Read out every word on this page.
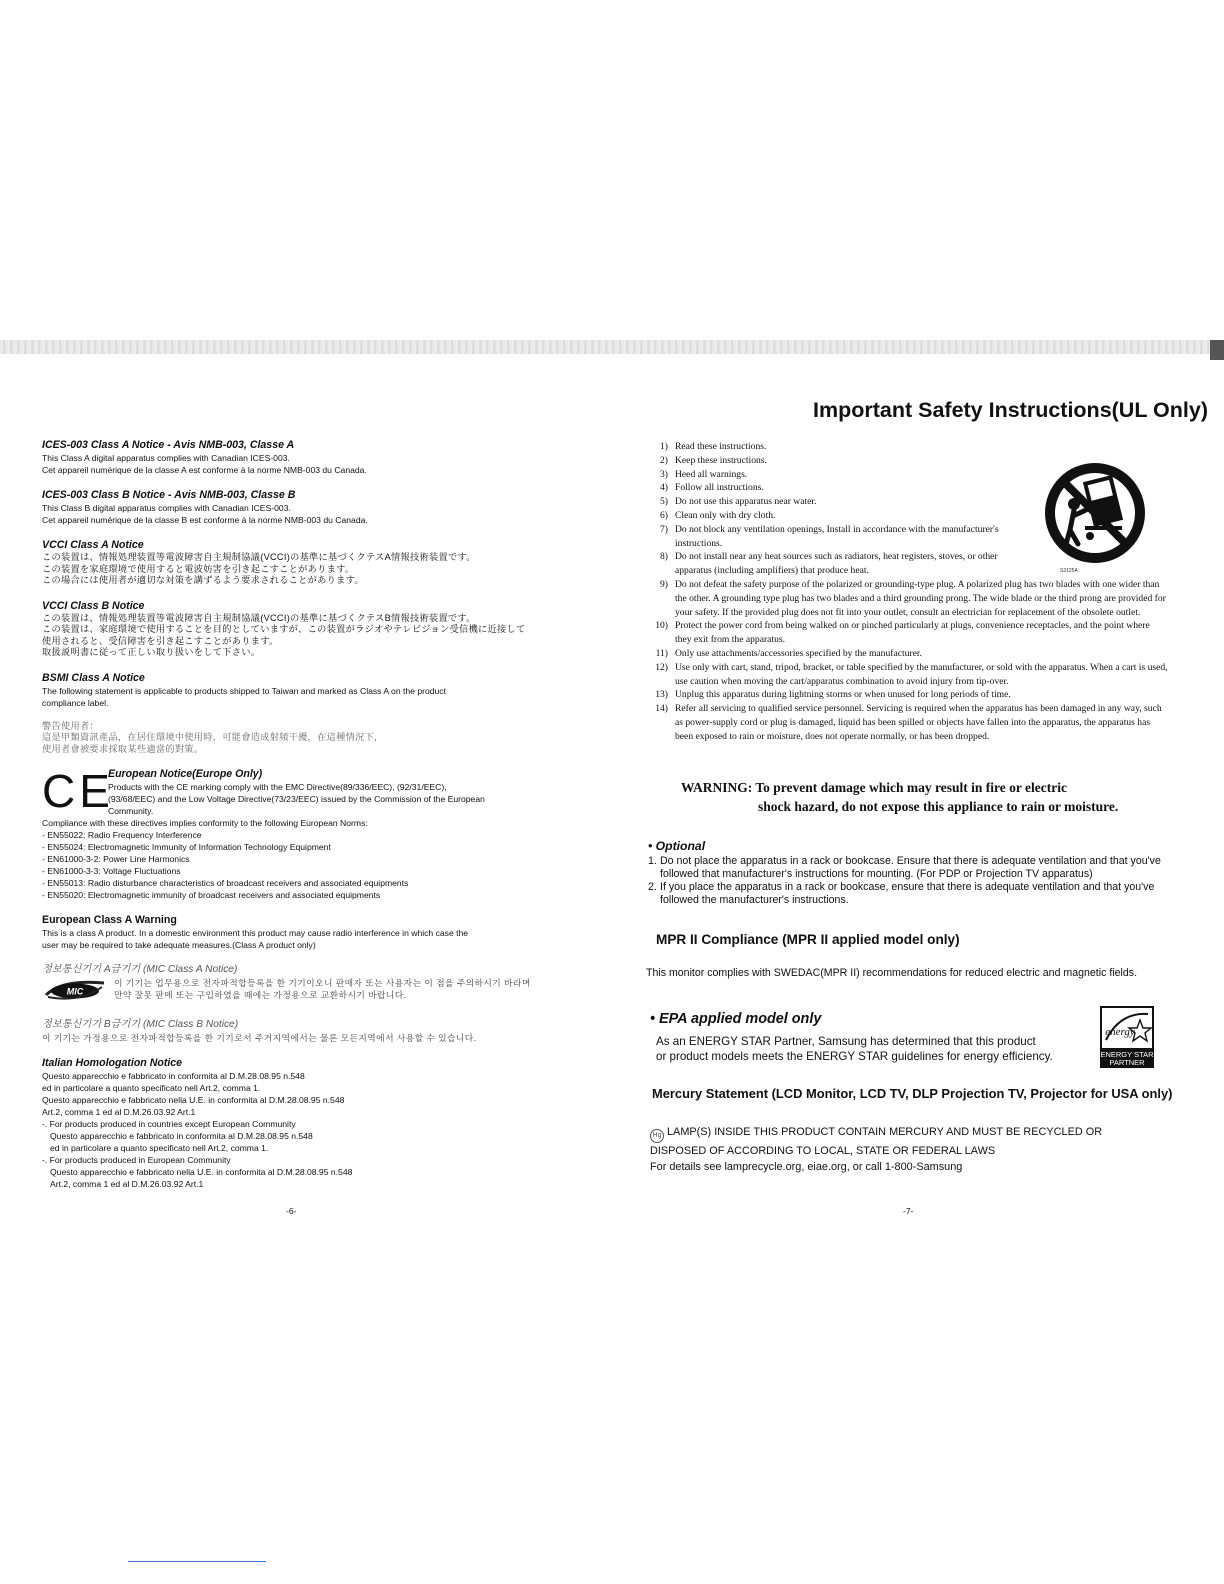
ICES-003 Class A Notice - Avis NMB-003, Classe A

This Class A digital apparatus complies with Canadian ICES-003.

Cet appareil numérique de la classe A est conforme à la norme NMB-003 du Canada.

ICES-003 Class B Notice - Avis NMB-003, Classe B

This Class B digital apparatus complies with Canadian ICES-003.

Cet appareil numérique de la classe B est conforme à la norme NMB-003 du Canada.

VCCI Class A Notice

この装置は、情報処理装置等電波障害自主規制協議(VCCI)の基準に基づくクテスA情報技術装置です。

この装置を家庭環境で使用すると電波妨害を引き起こすことがあります。

この場合には使用者が適切な対策を講ずるよう要求されることがあります。

VCCI Class B Notice

この装置は、情報処理装置等電波障害自主規制協議(VCCI)の基準に基づくクテスB情報技術装置です。

この装置は、家庭環境で使用することを目的としていますが、この装置がラジオやテレビジョン受信機に近接して

使用されると、受信障害を引き起こすことがあります。

取扱説明書に従って正しい取り扱いをして下さい。

BSMI Class A Notice

The following statement is applicable to products shipped to Taiwan and marked as Class A on the product

compliance label.

警告使用者：

這是甲類資訊產品，在居住環境中使用時，可能會造成射頻干擾，在這種情況下，

使用者會被要求採取某些適當的對策。

CE

European Notice(Europe Only)

Products with the CE marking comply with the EMC Directive(89/336/EEC), (92/31/EEC),

(93/68/EEC) and the Low Voltage Directive(73/23/EEC) issued by the Commission of the European

Community.

Compliance with these directives implies conformity to the following European Norms:

- EN55022: Radio Frequency Interference

- EN55024: Electromagnetic Immunity of Information Technology Equipment

- EN61000-3-2: Power Line Harmonics

- EN61000-3-3: Voltage Fluctuations

- EN55013: Radio disturbance characteristics of broadcast receivers and associated equipments

- EN55020: Electromagnetic immunity of broadcast receivers and associated equipments

European Class A Warning

This is a class A product. In a domestic environment this product may cause radio interference in which case the

user may be required to take adequate measures.(Class A product only)

정보통신기기 A급기기 (MIC Class A Notice)

MIC

이 기기는 업무용으로 전자파적합등록을 한 기기이오니 판매자 또는 사용자는 이 점을 주의하시기 바라며

만약 잘못 판매 또는 구입하였을 때에는 가정용으로 교환하시기 바랍니다.

정보통신기기 B급기기 (MIC Class B Notice)

이 기기는 가정용으로 전자파적합등록을 한 기기로서 주거지역에서는 물론 모든지역에서 사용할 수 있습니다.

Italian Homologation Notice

Questo apparecchio e fabbricato in conformita al D.M.28.08.95 n.548

ed in particolare a quanto specificato nell Art.2, comma 1.

Questo apparecchio e fabbricato nella U.E. in conformita al D.M.28.08.95 n.548

Art.2, comma 1 ed al D.M.26.03.92 Art.1

-. For products produced in countries except European Community

Questo apparecchio e fabbricato in conformita al D.M.28.08.95 n.548

ed in particolare a quanto specificato nell Art.2, comma 1.

-. For products produced in European Community

Questo apparecchio e fabbricato nella U.E. in conformita al D.M.28.08.95 n.548

Art.2, comma 1 ed al D.M.26.03.92 Art.1

-6-
Important Safety Instructions(UL Only)
1) Read these instructions.
2) Keep these instructions.
3) Heed all warnings.
4) Follow all instructions.
5) Do not use this apparatus near water.
6) Clean only with dry cloth.
7) Do not block any ventilation openings, Install in accordance with the manufacturer's instructions.
8) Do not install near any heat sources such as radiators, heat registers, stoves, or other apparatus (including amplifiers) that produce heat.
9) Do not defeat the safety purpose of the polarized or grounding-type plug. A polarized plug has two blades with one wider than the other. A grounding type plug has two blades and a third grounding prong. The wide blade or the third prong are provided for your safety. If the provided plug does not fit into your outlet, consult an electrician for replacement of the obsolete outlet.
10) Protect the power cord from being walked on or pinched particularly at plugs, convenience receptacles, and the point where they exit from the apparatus.
11) Only use attachments/accessories specified by the manufacturer.
12) Use only with cart, stand, tripod, bracket, or table specified by the manufacturer, or sold with the apparatus. When a cart is used, use caution when moving the cart/apparatus combination to avoid injury from tip-over.
13) Unplug this apparatus during lightning storms or when unused for long periods of time.
14) Refer all servicing to qualified service personnel. Servicing is required when the apparatus has been damaged in any way, such as power-supply cord or plug is damaged, liquid has been spilled or objects have fallen into the apparatus, the apparatus has been exposed to rain or moisture, does not operate normally, or has been dropped.
S3125A
WARNING: To prevent damage which may result in fire or electric
shock hazard, do not expose this appliance to rain or moisture.
• Optional
1. Do not place the apparatus in a rack or bookcase. Ensure that there is adequate ventilation and that you've followed that manufacturer's instructions for mounting. (For PDP or Projection TV apparatus)
2. If you place the apparatus in a rack or bookcase, ensure that there is adequate ventilation and that you've followed the manufacturer's instructions.
MPR II Compliance (MPR II applied model only)

This monitor complies with SWEDAC(MPR II) recommendations for reduced electric and magnetic fields.

• EPA applied model only

As an ENERGY STAR Partner, Samsung has determined that this product
or product models meets the ENERGY STAR guidelines for energy efficiency.

energy
ENERGY STAR
PARTNER
Mercury Statement (LCD Monitor, LCD TV, DLP Projection TV, Projector for USA only)

Hg LAMP(S) INSIDE THIS PRODUCT CONTAIN MERCURY AND MUST BE RECYCLED OR
DISPOSED OF ACCORDING TO LOCAL, STATE OR FEDERAL LAWS
For details see lamprecycle.org, eiae.org, or call 1-800-Samsung

-7-
